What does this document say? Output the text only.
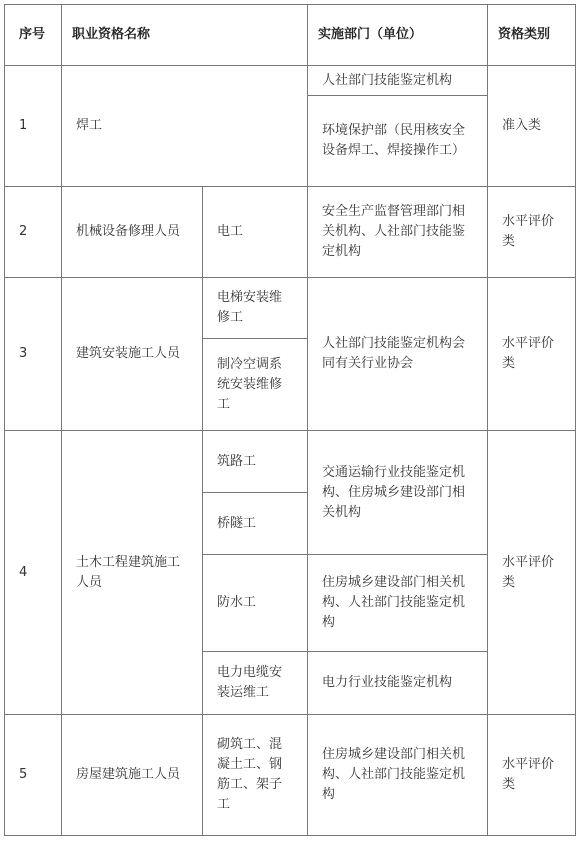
序号	职业资格名称		实施部门（单位）	资格类别
1	焊工		人社部门技能鉴定机构	准入类
			环境保护部（民用核安全设备焊工、焊接操作工）	
2	机械设备修理人员	电工	安全生产监督管理部门相关机构、人社部门技能鉴定机构	水平评价类
3	建筑安装施工人员	电梯安装维修工	人社部门技能鉴定机构会同有关行业协会	水平评价类
		制冷空调系统安装维修工		
4	土木工程建筑施工人员	筑路工	交通运输行业技能鉴定机构、住房城乡建设部门相关机构	水平评价类
		桥隧工		
		防水工	住房城乡建设部门相关机构、人社部门技能鉴定机构	
		电力电缆安装运维工	电力行业技能鉴定机构	
5	房屋建筑施工人员	砌筑工、混凝土工、钢筋工、架子工	住房城乡建设部门相关机构、人社部门技能鉴定机构	水平评价类
